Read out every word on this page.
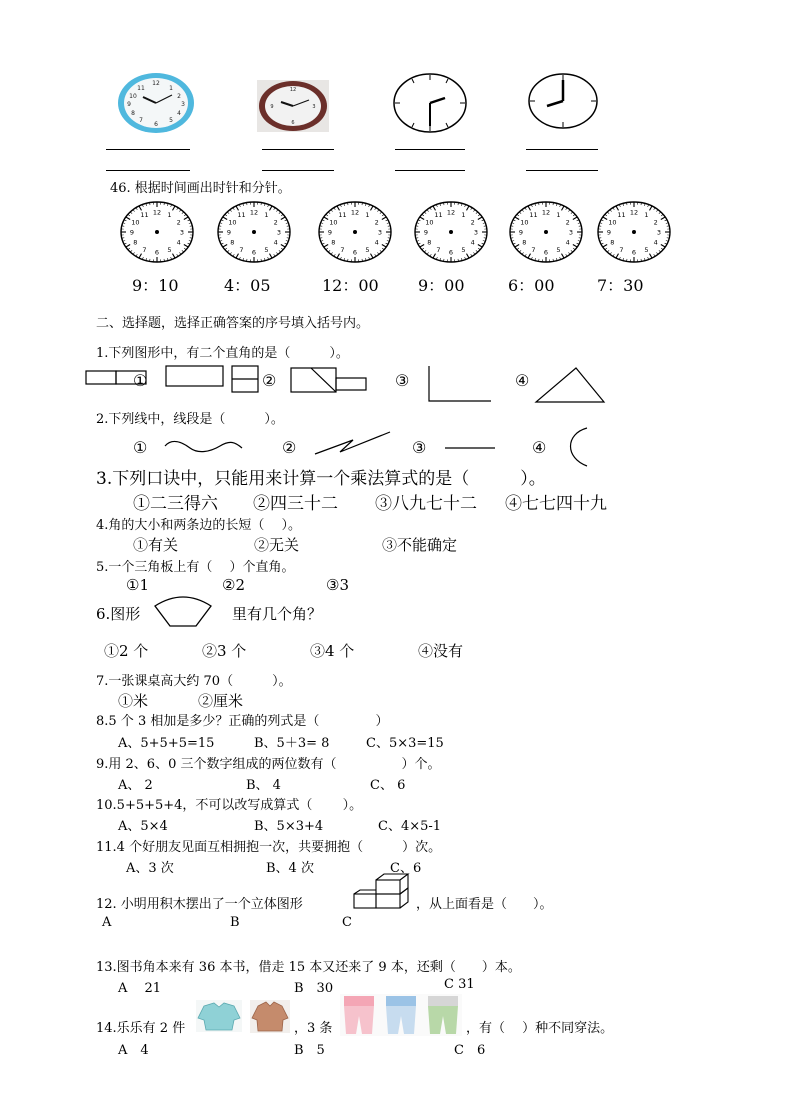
12
1
2
3
4
5
6
7
8
9
10
11	12
3
6
9
46. 根据时间画出时针和分针。
1
2
3
4
5
6
7
8
9
10
11 12	1
2
3
4
5
6
7
8
9
10
11 12	1
2
3
4
5
6
7
8
9
10
11 12	1
2
3
4
5
6
7
8
9
10
11 12	1
2
3
4
5
6
7
8
9
10
11 12	1
2
3
4
5
6
7
8
9
10
11 12
9：10	4：05	12：00 9：00	6：00	7：30
二、选择题，选择正确答案的序号填入括号内。
1.下列图形中，有二个直角的是（　　　）。
①	②	③	④
2.下列线中，线段是（　　　）。
①	②	③	④
3.下列口诀中，只能用来计算一个乘法算式的是（　　　）。
①二三得六 ②四三十二 ③八九七十二 ④七七四十九
4.角的大小和两条边的长短（　 ）。
①有关	②无关	③不能确定
5.一个三角板上有（　 ）个直角。
①1	②2	③3
6.图形	里有几个角？
①2 个	②3 个	③4 个	④没有
7.一张课桌高大约 70（　　　）。
①米	②厘米
8.5 个 3 相加是多少？正确的列式是（　　　　 ）
A、5+5+5=15	B、5＋3= 8	C、5×3=15
9.用 2、6、0 三个数字组成的两位数有（　　　　　）个。
A、 2	B、 4	C、 6
10.5+5+5+4，不可以改写成算式（　　 ）。
A、5×4	B、5×3+4	C、4×5-1
11.4 个好朋友见面互相拥抱一次，共要拥抱（　　　）次。
A、3 次	B、4 次	C、6
12. 小明用积木摆出了一个立体图形	，从上面看是（　　）。
A	B	C
13.图书角本来有 36 本书，借走 15 本又还来了 9 本，还剩（　　）本。
A　 21	B　30	C 31
14.乐乐有 2 件	，3 条	，有（　 ）种不同穿法。
A　4	B　5	C　6
